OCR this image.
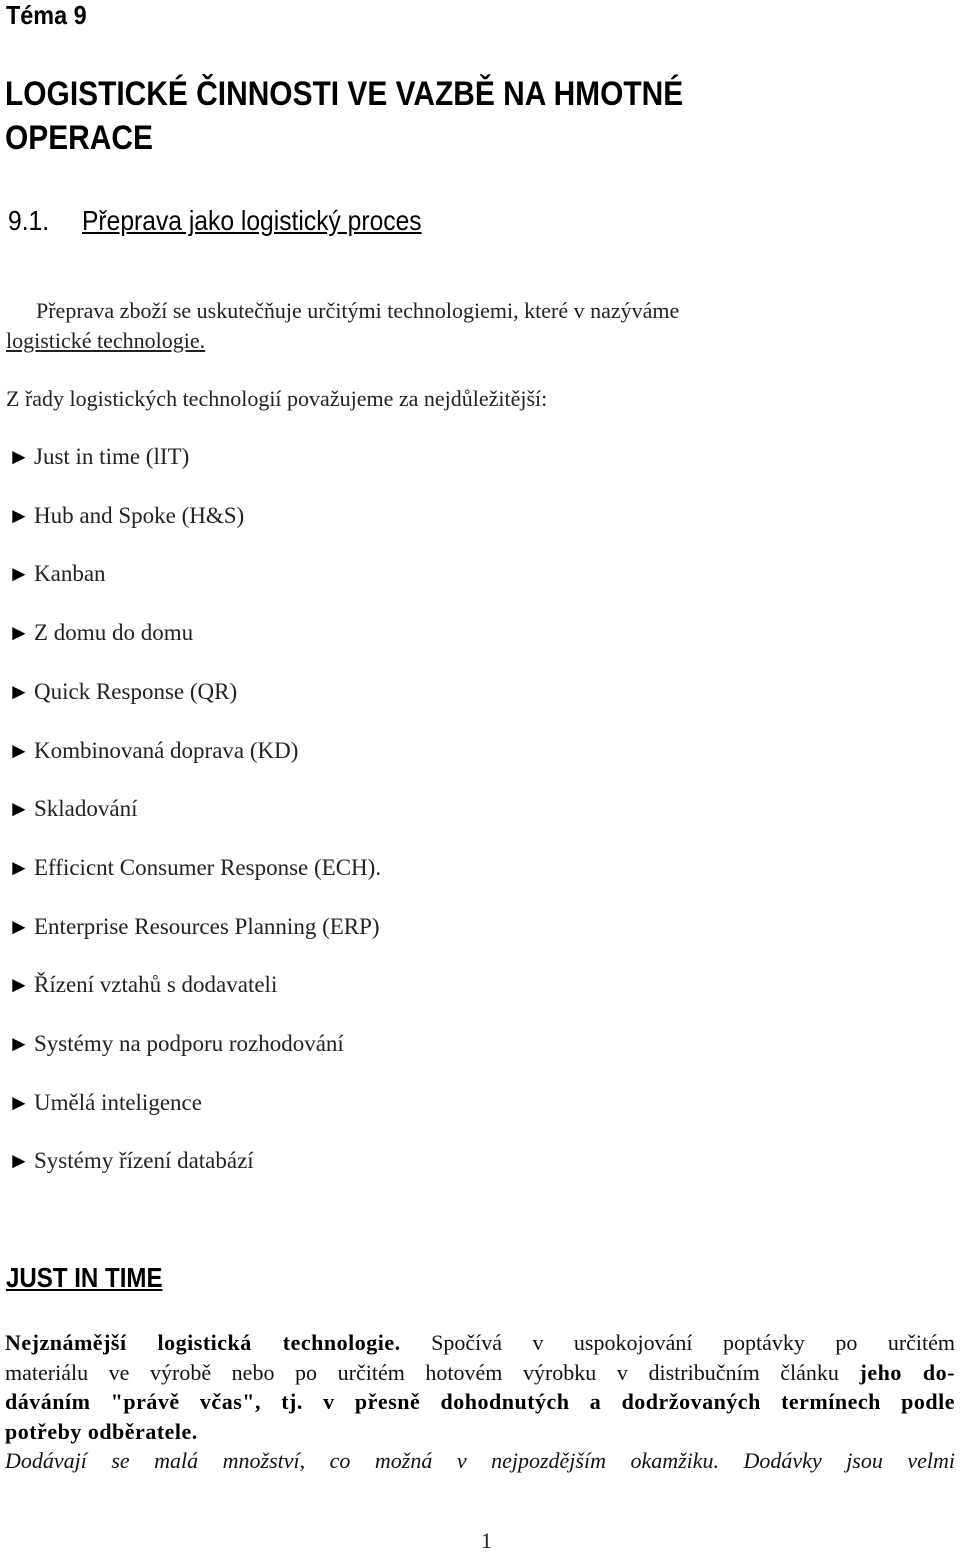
Téma 9
LOGISTICKÉ ČINNOSTI VE VAZBĚ NA HMOTNÉ
OPERACE
9.1. Přeprava jako logistický proces
Přeprava zboží se uskutečňuje určitými technologiemi, které v nazýváme
logistické technologie.
Z řady logistických technologií považujeme za nejdůležitější:
► Just in time (lIT)
► Hub and Spoke (H&S)
► Kanban
► Z domu do domu
► Quick Response (QR)
► Kombinovaná doprava (KD)
► Skladování
► Efficicnt Consumer Response (ECH).
► Enterprise Resources Planning (ERP)
► Řízení vztahů s dodavateli
► Systémy na podporu rozhodování
► Umělá inteligence
► Systémy řízení databází
JUST IN TIME
Nejznámější logistická technologie. Spočívá v uspokojování poptávky po určitém
materiálu ve výrobě nebo po určitém hotovém výrobku v distribučním článku jeho do-
dáváním "právě včas", tj. v přesně dohodnutých a dodržovaných termínech podle
potřeby odběratele.
Dodávají se malá množství, co možná v nejpozdějším okamžiku. Dodávky jsou velmi
1
